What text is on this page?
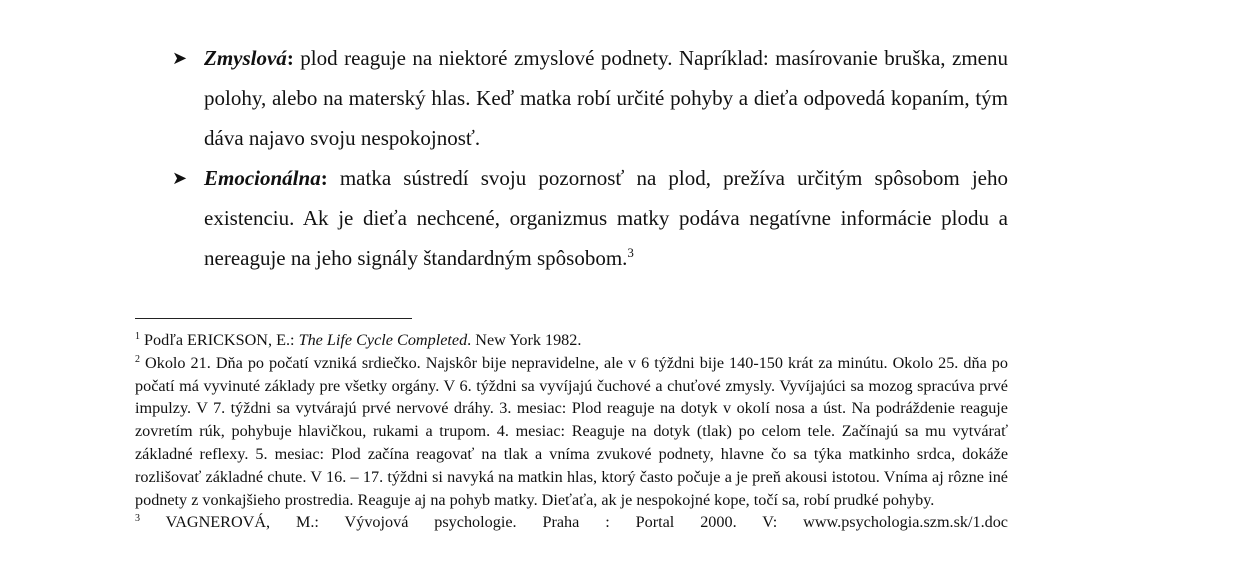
➤ Zmyslová: plod reaguje na niektoré zmyslové podnety. Napríklad: masírovanie bruška, zmenu polohy, alebo na materský hlas. Keď matka robí určité pohyby a dieťa odpovedá kopaním, tým dáva najavo svoju nespokojnosť.
➤ Emocionálna: matka sústredí svoju pozornosť na plod, prežíva určitým spôsobom jeho existenciu. Ak je dieťa nechcené, organizmus matky podáva negatívne informácie plodu a nereaguje na jeho signály štandardným spôsobom.$^3$
$^1$ Podľa ERICKSON, E.: The Life Cycle Completed. New York 1982.
$^2$ Okolo 21. Dňa po počatí vzniká srdiečko. Najskôr bije nepravidelne, ale v 6 týždni bije 140-150 krát za minútu. Okolo 25. dňa po počatí má vyvinuté základy pre všetky orgány. V 6. týždni sa vyvíjajú čuchové a chuťové zmysly. Vyvíjajúci sa mozog spracúva prvé impulzy. V 7. týždni sa vytvárajú prvé nervové dráhy. 3. mesiac: Plod reaguje na dotyk v okolí nosa a úst. Na podráždenie reaguje zovretím rúk, pohybuje hlavičkou, rukami a trupom. 4. mesiac: Reaguje na dotyk (tlak) po celom tele. Začínajú sa mu vytvárať základné reflexy. 5. mesiac: Plod začína reagovať na tlak a vníma zvukové podnety, hlavne čo sa týka matkinho srdca, dokáže rozlišovať základné chute. V 16. – 17. týždni si navyká na matkin hlas, ktorý často počuje a je preň akousi istotou. Vníma aj rôzne iné podnety z vonkajšieho prostredia. Reaguje aj na pohyb matky. Dieťaťa, ak je nespokojné kope, točí sa, robí prudké pohyby.
$^3$ VAGNEROVÁ, M.: Vývojová psychologie. Praha : Portal 2000. V: www.psychologia.szm.sk/1.doc
